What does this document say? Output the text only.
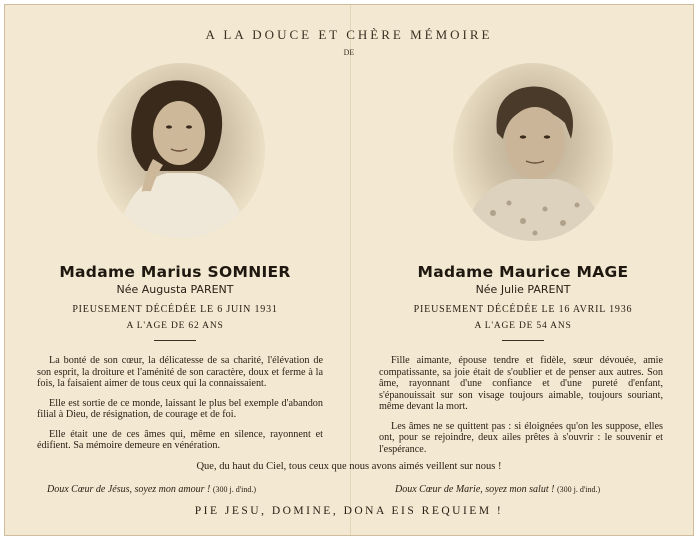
A LA DOUCE ET CHÈRE MÉMOIRE
DE
Madame Marius SOMNIER
Née Augusta PARENT
PIEUSEMENT DÉCÉDÉE LE 6 JUIN 1931
A L'AGE DE 62 ANS
Madame Maurice MAGE
Née Julie PARENT
PIEUSEMENT DÉCÉDÉE LE 16 AVRIL 1936
A L'AGE DE 54 ANS

La bonté de son cœur, la délicatesse de sa charité, l'élévation de son esprit, la droiture et l'aménité de son caractère, doux et ferme à la fois, la faisaient aimer de tous ceux qui la connaissaient.

Elle est sortie de ce monde, laissant le plus bel exemple d'abandon filial à Dieu, de résignation, de courage et de foi.

Elle était une de ces âmes qui, même en silence, rayonnent et édifient. Sa mémoire demeure en vénération.

Fille aimante, épouse tendre et fidèle, sœur dévouée, amie compatissante, sa joie était de s'oublier et de penser aux autres. Son âme, rayonnant d'une confiance et d'une pureté d'enfant, s'épanouissait sur son visage toujours aimable, toujours souriant, même devant la mort.

Les âmes ne se quittent pas : si éloignées qu'on les suppose, elles ont, pour se rejoindre, deux ailes prêtes à s'ouvrir : le souvenir et l'espérance.

Que, du haut du Ciel, tous ceux que nous avons aimés veillent sur nous !
Doux Cœur de Jésus, soyez mon amour ! (300 j. d'ind.)	Doux Cœur de Marie, soyez mon salut ! (300 j. d'ind.)
PIE JESU, DOMINE, DONA EIS REQUIEM !
